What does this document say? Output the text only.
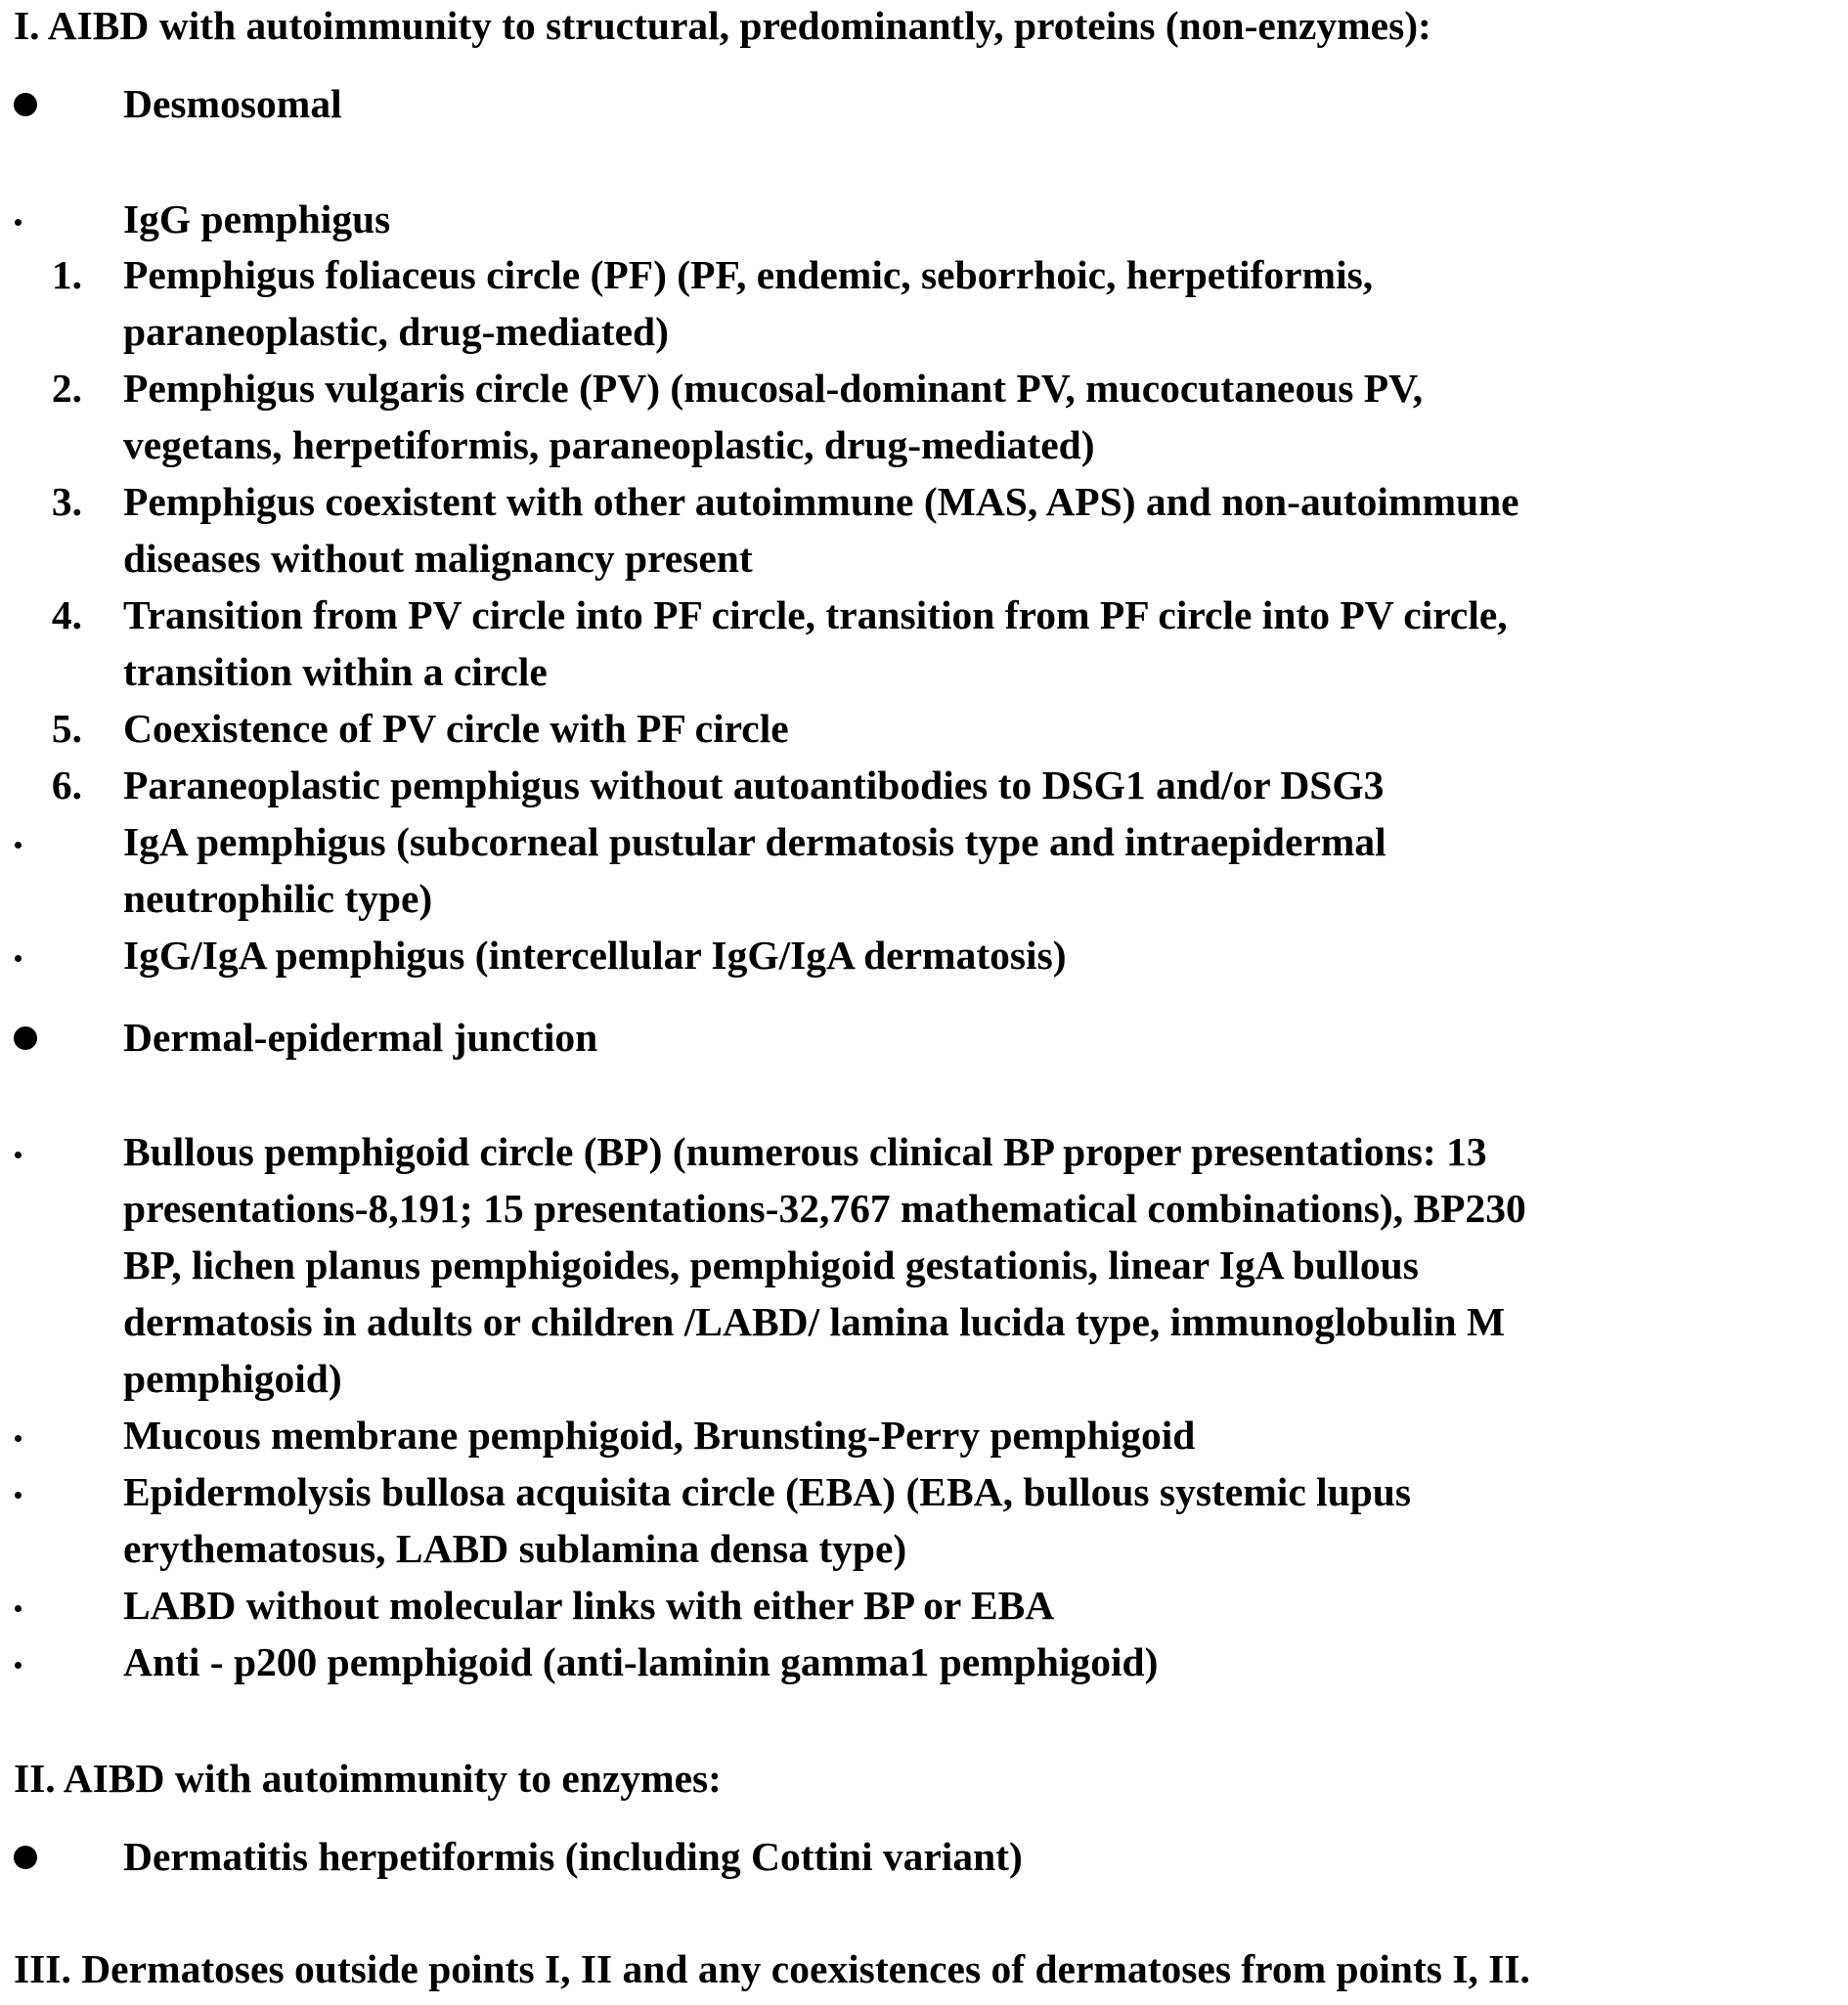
I. AIBD with autoimmunity to structural, predominantly, proteins (non-enzymes):
Desmosomal
IgG pemphigus
1. Pemphigus foliaceus circle (PF) (PF, endemic, seborrhoic, herpetiformis,
paraneoplastic, drug-mediated)
2. Pemphigus vulgaris circle (PV) (mucosal-dominant PV, mucocutaneous PV,
vegetans, herpetiformis, paraneoplastic, drug-mediated)
3. Pemphigus coexistent with other autoimmune (MAS, APS) and non-autoimmune
diseases without malignancy present
4. Transition from PV circle into PF circle, transition from PF circle into PV circle,
transition within a circle
5. Coexistence of PV circle with PF circle
6. Paraneoplastic pemphigus without autoantibodies to DSG1 and/or DSG3
IgA pemphigus (subcorneal pustular dermatosis type and intraepidermal
neutrophilic type)
IgG/IgA pemphigus (intercellular IgG/IgA dermatosis)
Dermal-epidermal junction
Bullous pemphigoid circle (BP) (numerous clinical BP proper presentations: 13
presentations-8,191; 15 presentations-32,767 mathematical combinations), BP230
BP, lichen planus pemphigoides, pemphigoid gestationis, linear IgA bullous
dermatosis in adults or children /LABD/ lamina lucida type, immunoglobulin M
pemphigoid)
Mucous membrane pemphigoid, Brunsting-Perry pemphigoid
Epidermolysis bullosa acquisita circle (EBA) (EBA, bullous systemic lupus
erythematosus, LABD sublamina densa type)
LABD without molecular links with either BP or EBA
Anti - p200 pemphigoid (anti-laminin gamma1 pemphigoid)
II. AIBD with autoimmunity to enzymes:
Dermatitis herpetiformis (including Cottini variant)
III. Dermatoses outside points I, II and any coexistences of dermatoses from points I, II.
